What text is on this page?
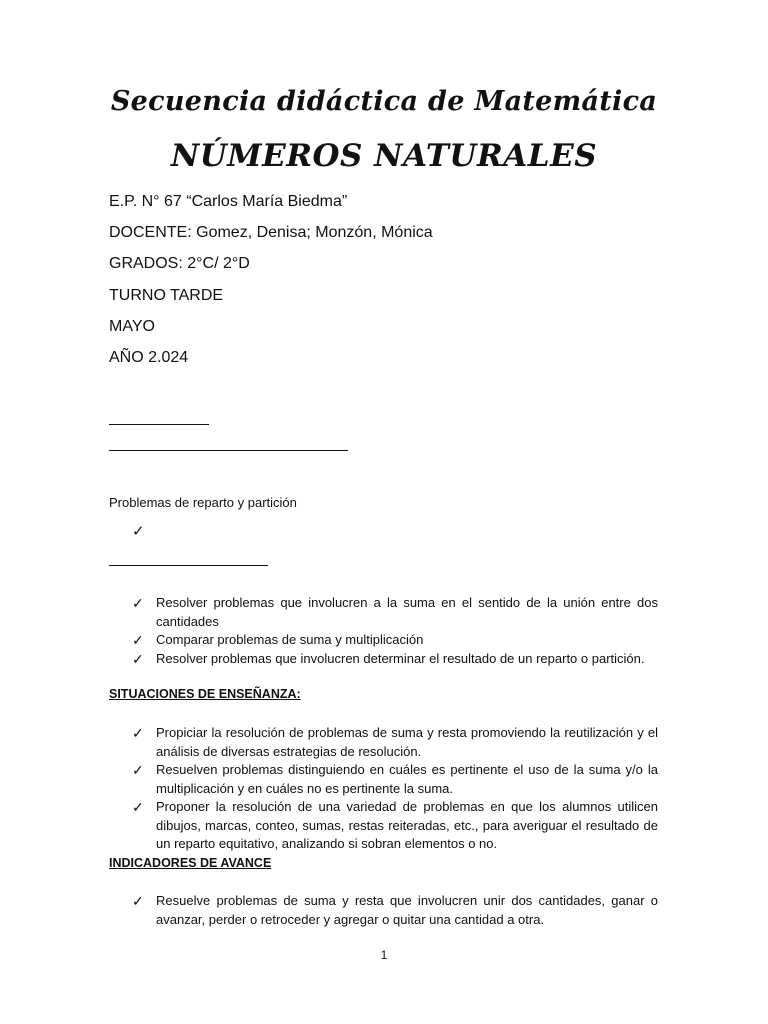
Secuencia didáctica de Matemática
NÚMEROS NATURALES

E.P. N° 67 “Carlos María Biedma”

DOCENTE: Gomez, Denisa; Monzón, Mónica

GRADOS: 2°C/ 2°D

TURNO TARDE

MAYO

AÑO 2.024

Problemas de reparto y partición

✓
✓ Resolver problemas que involucren a la suma en el sentido de la unión entre dos cantidades
✓ Comparar problemas de suma y multiplicación
✓ Resolver problemas que involucren determinar el resultado de un reparto o partición.

SITUACIONES DE ENSEÑANZA:

✓ Propiciar la resolución de problemas de suma y resta promoviendo la reutilización y el análisis de diversas estrategias de resolución.
✓ Resuelven problemas distinguiendo en cuáles es pertinente el uso de la suma y/o la multiplicación y en cuáles no es pertinente la suma.
✓ Proponer la resolución de una variedad de problemas en que los alumnos utilicen dibujos, marcas, conteo, sumas, restas reiteradas, etc., para averiguar el resultado de un reparto equitativo, analizando si sobran elementos o no.

INDICADORES DE AVANCE

✓ Resuelve problemas de suma y resta que involucren unir dos cantidades, ganar o avanzar, perder o retroceder y agregar o quitar una cantidad a otra.

1
